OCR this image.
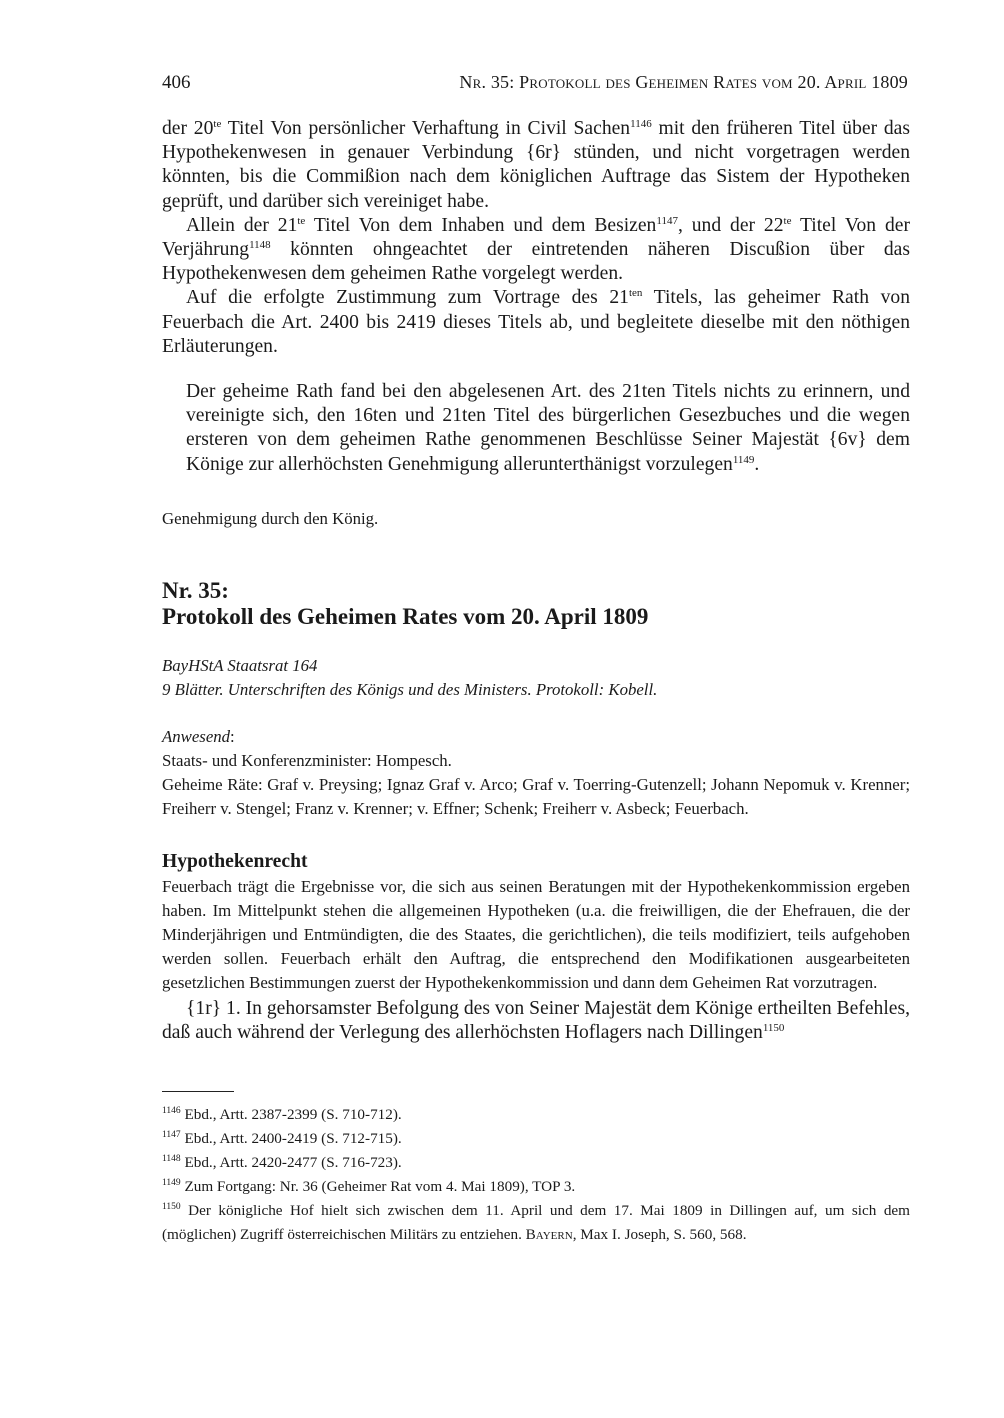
406	Nr. 35: Protokoll des Geheimen Rates vom 20. April 1809

der $20^{te}$ Titel Von persönlicher Verhaftung in Civil Sachen$^{1146}$ mit den früheren Titel über das Hypothekenwesen in genauer Verbindung {6r} stünden, und nicht vorgetragen werden könnten, bis die Commißion nach dem königlichen Auftrage das Sistem der Hypotheken geprüft, und darüber sich vereiniget habe.

Allein der $21^{te}$ Titel Von dem Inhaben und dem Besizen$^{1147}$, und der $22^{te}$ Titel Von der Verjährung$^{1148}$ könnten ohngeachtet der eintretenden näheren Discußion über das Hypothekenwesen dem geheimen Rathe vorgelegt werden.

Auf die erfolgte Zustimmung zum Vortrage des $21^{ten}$ Titels, las geheimer Rath von Feuerbach die Art. 2400 bis 2419 dieses Titels ab, und begleitete dieselbe mit den nöthigen Erläuterungen.

Der geheime Rath fand bei den abgelesenen Art. des 21ten Titels nichts zu erinnern, und vereinigte sich, den 16ten und 21ten Titel des bürgerlichen Gesezbuches und die wegen ersteren von dem geheimen Rathe genommenen Beschlüsse Seiner Majestät {6v} dem Könige zur allerhöchsten Genehmigung allerunterthänigst vorzulegen$^{1149}$.

Genehmigung durch den König.
Nr. 35:
Protokoll des Geheimen Rates vom 20. April 1809
BayHStA Staatsrat 164
9 Blätter. Unterschriften des Königs und des Ministers. Protokoll: Kobell.
Anwesend:
Staats- und Konferenzminister: Hompesch.
Geheime Räte: Graf v. Preysing; Ignaz Graf v. Arco; Graf v. Toerring-Gutenzell; Johann Nepomuk v. Krenner; Freiherr v. Stengel; Franz v. Krenner; v. Effner; Schenk; Freiherr v. Asbeck; Feuerbach.
Hypothekenrecht

Feuerbach trägt die Ergebnisse vor, die sich aus seinen Beratungen mit der Hypothekenkommission ergeben haben. Im Mittelpunkt stehen die allgemeinen Hypotheken (u.a. die freiwilligen, die der Ehefrauen, die der Minderjährigen und Entmündigten, die des Staates, die gerichtlichen), die teils modifiziert, teils aufgehoben werden sollen. Feuerbach erhält den Auftrag, die entsprechend den Modifikationen ausgearbeiteten gesetzlichen Bestimmungen zuerst der Hypothekenkommission und dann dem Geheimen Rat vorzutragen.

{1r} 1. In gehorsamster Befolgung des von Seiner Majestät dem Könige ertheilten Befehles, daß auch während der Verlegung des allerhöchsten Hoflagers nach Dillingen$^{1150}$

$^{1146}$ Ebd., Artt. 2387-2399 (S. 710-712).

$^{1147}$ Ebd., Artt. 2400-2419 (S. 712-715).

$^{1148}$ Ebd., Artt. 2420-2477 (S. 716-723).

$^{1149}$ Zum Fortgang: Nr. 36 (Geheimer Rat vom 4. Mai 1809), TOP 3.

$^{1150}$ Der königliche Hof hielt sich zwischen dem 11. April und dem 17. Mai 1809 in Dillingen auf, um sich dem (möglichen) Zugriff österreichischen Militärs zu entziehen. Bayern, Max I. Joseph, S. 560, 568.
